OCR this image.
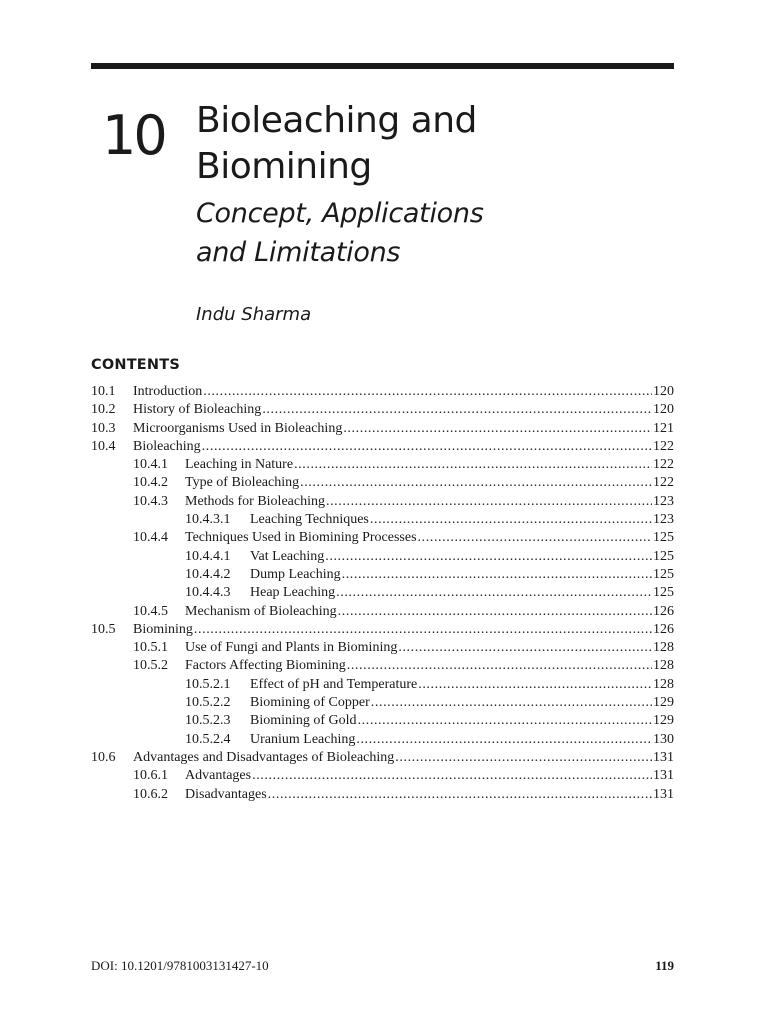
10 Bioleaching and
Biomining
Concept, Applications
and Limitations
Indu Sharma
CONTENTS
10.1	Introduction .....	120
10.2	History of Bioleaching .....	120
10.3	Microorganisms Used in Bioleaching .....	121
10.4	Bioleaching .....	122
10.4.1	Leaching in Nature .....	122
10.4.2	Type of Bioleaching .....	122
10.4.3	Methods for Bioleaching .....	123
10.4.3.1	Leaching Techniques .....	123
10.4.4	Techniques Used in Biomining Processes .....	125
10.4.4.1	Vat Leaching .....	125
10.4.4.2	Dump Leaching .....	125
10.4.4.3	Heap Leaching .....	125
10.4.5	Mechanism of Bioleaching .....	126
10.5	Biomining .....	126
10.5.1	Use of Fungi and Plants in Biomining .....	128
10.5.2	Factors Affecting Biomining .....	128
10.5.2.1	Effect of pH and Temperature .....	128
10.5.2.2	Biomining of Copper .....	129
10.5.2.3	Biomining of Gold .....	129
10.5.2.4	Uranium Leaching .....	130
10.6	Advantages and Disadvantages of Bioleaching .....	131
10.6.1	Advantages .....	131
10.6.2	Disadvantages .....	131
DOI: 10.1201/9781003131427-10	119
